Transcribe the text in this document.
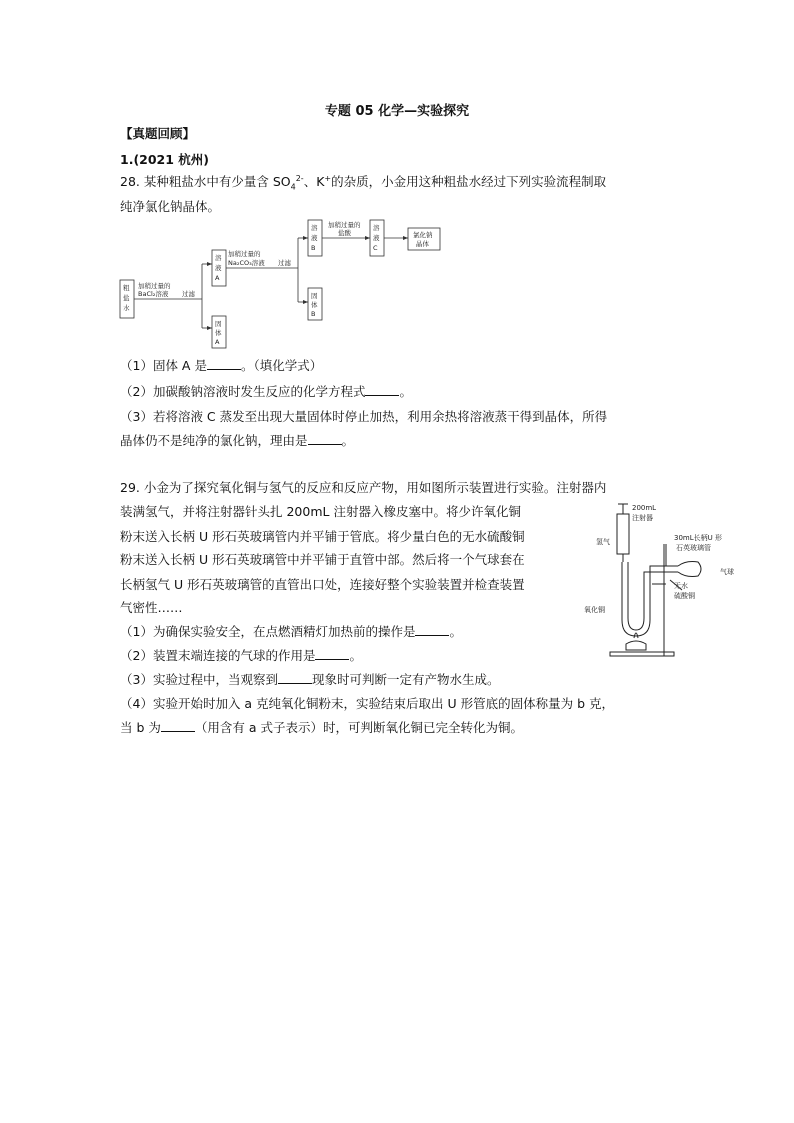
专题 05 化学—实验探究
【真题回顾】
1.(2021 杭州)
28. 某种粗盐水中有少量含 $SO_4^{2-}$、K+的杂质，小金用这种粗盐水经过下列实验流程制取
纯净氯化钠晶体。
粗
盐
水
加稍过量的
BaCl₂溶液 过滤
溶
液
A
固
体
A
加稍过量的
Na₂CO₃溶液 过滤
溶
液
B
固
体
B
加稍过量的
盐酸
溶
液
C
氯化钠
晶体
（1）固体 A 是	。（填化学式）
（2）加碳酸钠溶液时发生反应的化学方程式	。
（3）若将溶液 C 蒸发至出现大量固体时停止加热，利用余热将溶液蒸干得到晶体，所得
晶体仍不是纯净的氯化钠，理由是	。
29. 小金为了探究氧化铜与氢气的反应和反应产物，用如图所示装置进行实验。注射器内
装满氢气，并将注射器针头扎 200mL 注射器入橡皮塞中。将少许氧化铜
粉末送入长柄 U 形石英玻璃管内并平铺于管底。将少量白色的无水硫酸铜
粉末送入长柄 U 形石英玻璃管中并平铺于直管中部。然后将一个气球套在
长柄氢气 U 形石英玻璃管的直管出口处，连接好整个实验装置并检查装置
气密性……
（1）为确保实验安全，在点燃酒精灯加热前的操作是	。
（2）装置末端连接的气球的作用是	。
（3）实验过程中，当观察到	现象时可判断一定有产物水生成。
（4）实验开始时加入 a 克纯氧化铜粉末，实验结束后取出 U 形管底的固体称量为 b 克，
当 b 为	（用含有 a 式子表示）时，可判断氧化铜已完全转化为铜。
200mL
注射器
氢气	30mL长柄U 形
石英玻璃管
气球
无水
硫酸铜
氧化铜
